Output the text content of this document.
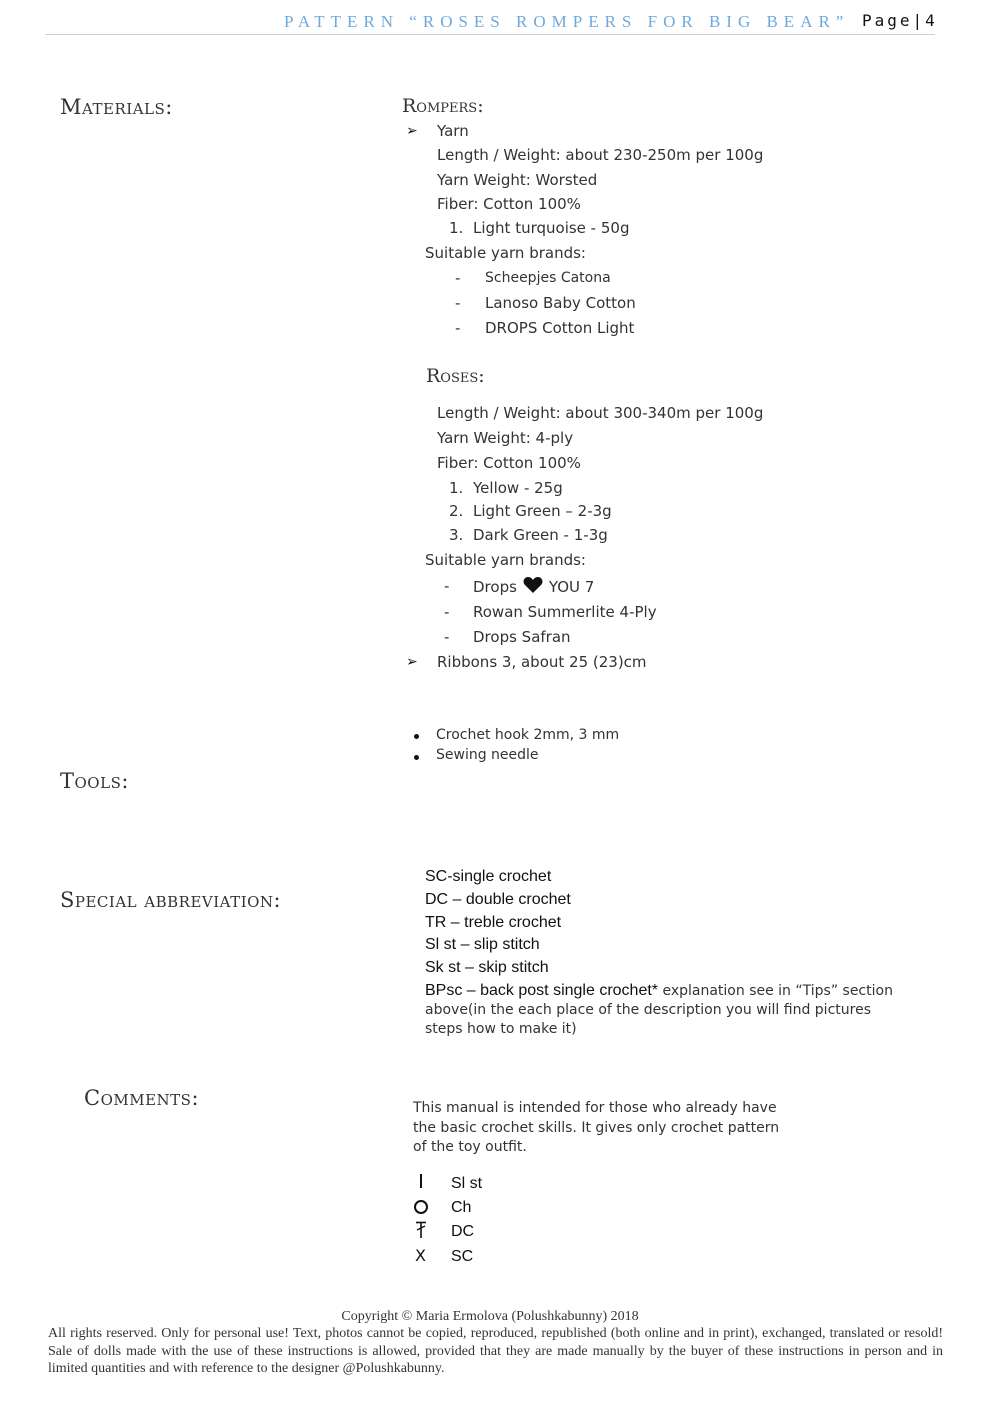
PATTERN “ROSES ROMPERS FOR BIG BEAR” Page|4
Materials:	Rompers:
➢ Yarn
Length / Weight: about 230-250m per 100g
Yarn Weight: Worsted
Fiber: Cotton 100%
1. Light turquoise - 50g
Suitable yarn brands:
- Scheepjes Catona
- Lanoso Baby Cotton
- DROPS Cotton Light
Roses:
Length / Weight: about 300-340m per 100g
Yarn Weight: 4-ply
Fiber: Cotton 100%
1. Yellow - 25g
2. Light Green – 2-3g
3. Dark Green - 1-3g
Suitable yarn brands:
- Drops YOU 7
- Rowan Summerlite 4-Ply
- Drops Safran
➢ Ribbons 3, about 25 (23)cm
Crochet hook 2mm, 3 mm
Sewing needle
Tools:
Special abbreviation:
SC-single crochet
DC – double crochet
TR – treble crochet
Sl st – slip stitch
Sk st – skip stitch
BPsc – back post single crochet* explanation see in “Tips” section
above(in the each place of the description you will find pictures
steps how to make it)
Comments:	This manual is intended for those who already have
the basic crochet skills. It gives only crochet pattern
of the toy outfit.
Sl st
Ch
DC
X SC
Copyright © Maria Ermolova (Polushkabunny) 2018
All rights reserved. Only for personal use! Text, photos cannot be copied, reproduced, republished (both online and in print), exchanged, translated or resold! Sale of dolls made with the use of these instructions is allowed, provided that they are made manually by the buyer of these instructions in person and in limited quantities and with reference to the designer @Polushkabunny.
